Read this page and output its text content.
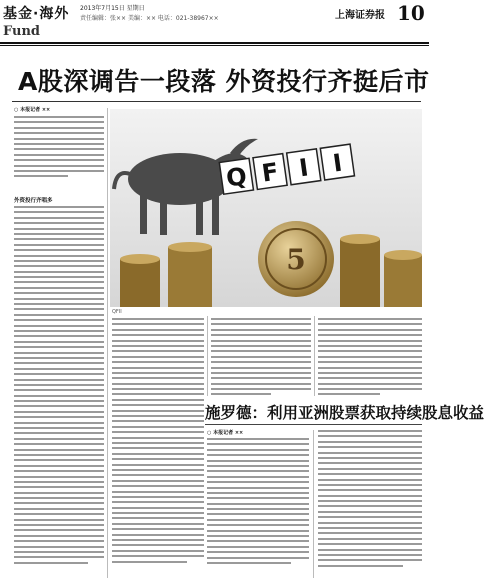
基金·海外
Fund
2013年7月15日 星期日
责任编辑：张×× 美编：×× 电话：021-38967××	上海证券报 10
A股深调告一段落 外资投行齐挺后市
○ 本报记者 ××
外资投行齐唱多
5
Q F I I
QFII
施罗德：利用亚洲股票获取持续股息收益
○ 本报记者 ××
